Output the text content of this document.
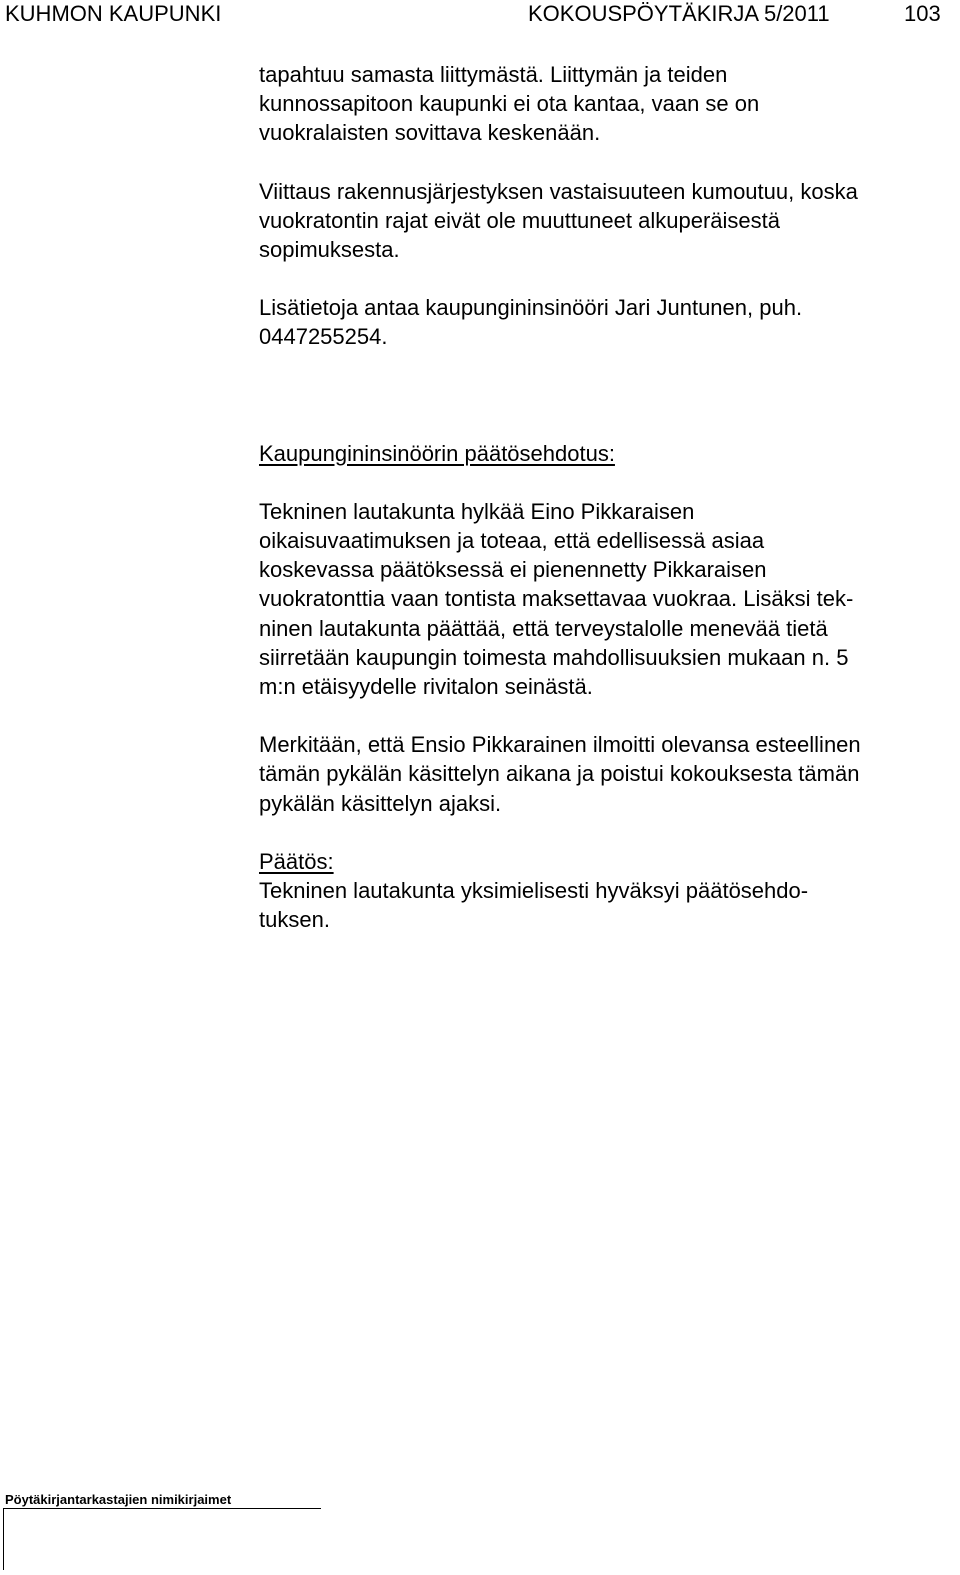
KUHMON KAUPUNKI	KOKOUSPÖYTÄKIRJA 5/2011	103

tapahtuu samasta liittymästä. Liittymän ja teiden

kunnossapitoon kaupunki ei ota kantaa, vaan se on

vuokralaisten sovittava keskenään.

Viittaus rakennusjärjestyksen vastaisuuteen kumoutuu, koska

vuokratontin rajat eivät ole muuttuneet alkuperäisestä

sopimuksesta.

Lisätietoja antaa kaupungininsinööri Jari Juntunen, puh.

0447255254.

Kaupungininsinöörin päätösehdotus:

Tekninen lautakunta hylkää Eino Pikkaraisen

oikaisuvaatimuksen ja toteaa, että edellisessä asiaa

koskevassa päätöksessä ei pienennetty Pikkaraisen

vuokratonttia vaan tontista maksettavaa vuokraa. Lisäksi tek-

ninen lautakunta päättää, että terveystalolle menevää tietä

siirretään kaupungin toimesta mahdollisuuksien mukaan n. 5

m:n etäisyydelle rivitalon seinästä.

Merkitään, että Ensio Pikkarainen ilmoitti olevansa esteellinen

tämän pykälän käsittelyn aikana ja poistui kokouksesta tämän

pykälän käsittelyn ajaksi.

Päätös:

Tekninen lautakunta yksimielisesti hyväksyi päätösehdo-

tuksen.

Pöytäkirjantarkastajien nimikirjaimet
